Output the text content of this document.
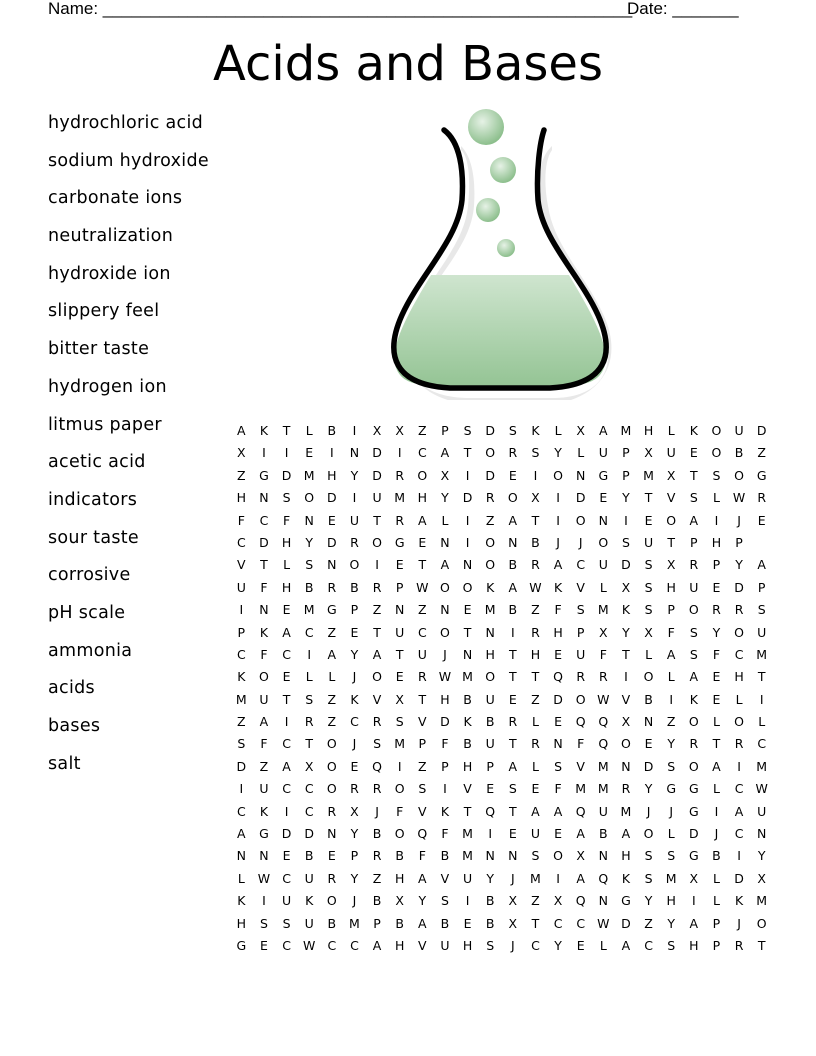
Name: ________________________________________________________
Date: _______
Acids and Bases
hydrochloric acid
sodium hydroxide
carbonate ions
neutralization
hydroxide ion
slippery feel
bitter taste
hydrogen ion
litmus paper
acetic acid
indicators
sour taste
corrosive
pH scale
ammonia
acids
bases
salt
A K T L B I X X Z P S D S K L X A M H L K O U D
X I I E I N D I C A T O R S Y L U P X U E O B Z
Z G D M H Y D R O X I D E I O N G P M X T S O G
H N S O D I U M H Y D R O X I D E Y T V S L W R
F C F N E U T R A L I Z A T I O N I E O A I J E
C D H Y D R O G E N I O N B J J O S U T P H P
V T L S N O I E T A N O B R A C U D S X R P Y A
U F H B R B R P W O O K A W K V L X S H U E D P
I N E M G P Z N Z N E M B Z F S M K S P O R R S
P K A C Z E T U C O T N I R H P X Y X F S Y O U
C F C I A Y A T U J N H T H E U F T L A S F C M
K O E L L J O E R W M O T T Q R R I O L A E H T
M U T S Z K V X T H B U E Z D O W V B I K E L I
Z A I R Z C R S V D K B R L E Q Q X N Z O L O L
S F C T O J S M P F B U T R N F Q O E Y R T R C
D Z A X O E Q I Z P H P A L S V M N D S O A I M
I U C C O R R O S I V E S E F M M R Y G G L C W
C K I C R X J F V K T Q T A A Q U M J J G I A U
A G D D N Y B O Q F M I E U E A B A O L D J C N
N N E B E P R B F B M N N S O X N H S S G B I Y
L W C U R Y Z H A V U Y J M I A Q K S M X L D X
K I U K O J B X Y S I B X Z X Q N G Y H I L K M
H S S U B M P B A B E B X T C C W D Z Y A P J O
G E C W C C A H V U H S J C Y E L A C S H P R T
